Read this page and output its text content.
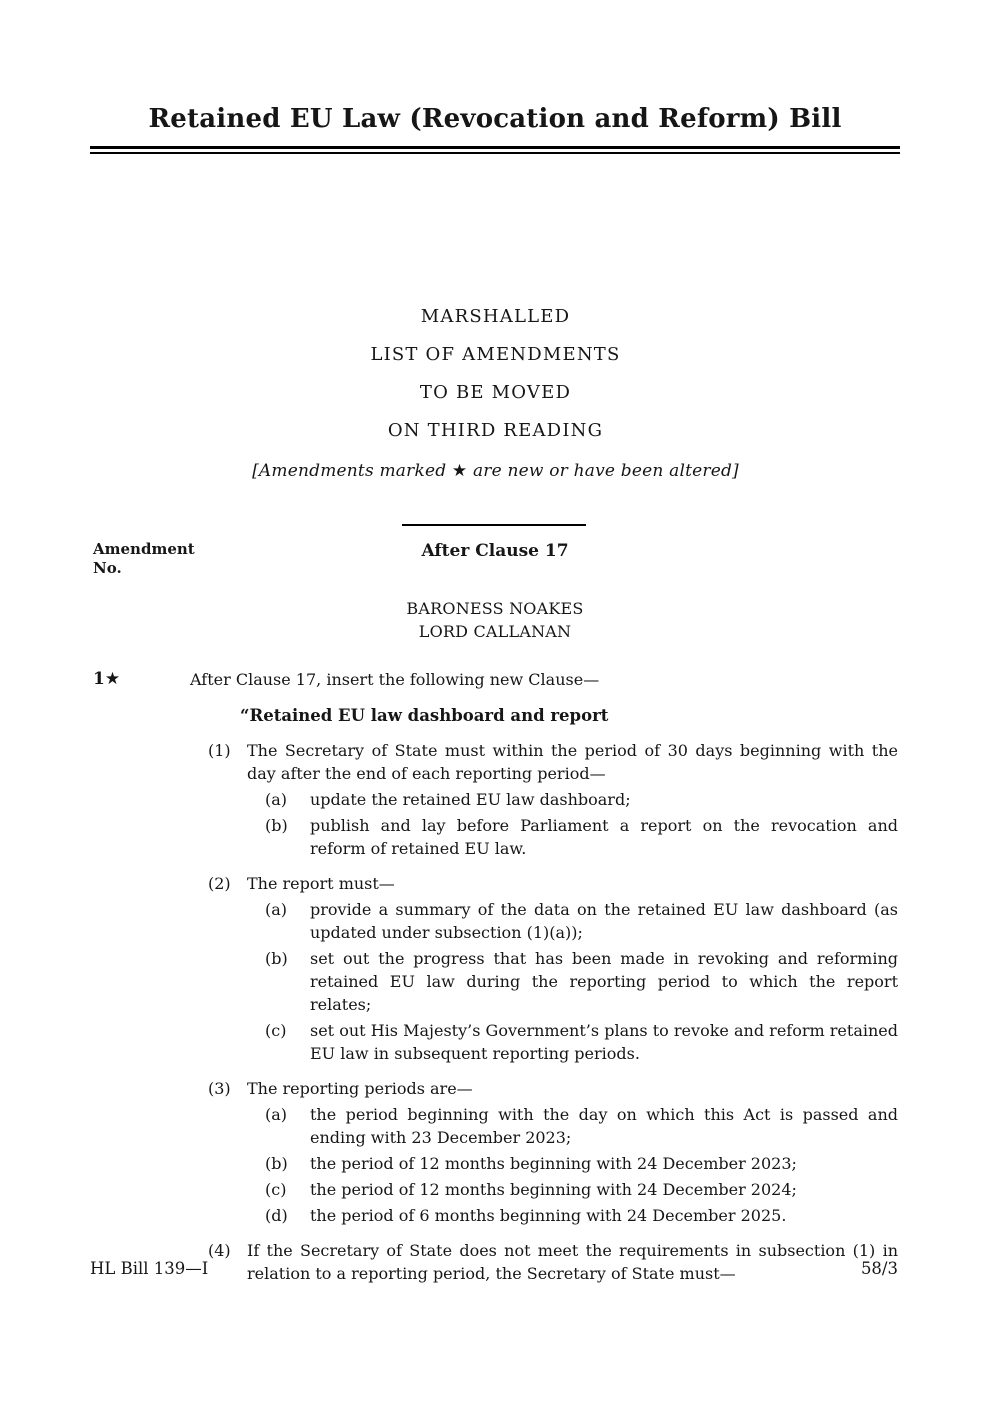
Retained EU Law (Revocation and Reform) Bill
MARSHALLED
LIST OF AMENDMENTS
TO BE MOVED
ON THIRD READING
[Amendments marked ★ are new or have been altered]
Amendment
No.
After Clause 17
BARONESS NOAKES
LORD CALLANAN
1★	After Clause 17, insert the following new Clause—
“Retained EU law dashboard and report
(1) The Secretary of State must within the period of 30 days beginning with the day after the end of each reporting period—
(a) update the retained EU law dashboard;
(b) publish and lay before Parliament a report on the revocation and reform of retained EU law.
(2) The report must—
(a) provide a summary of the data on the retained EU law dashboard (as updated under subsection (1)(a));
(b) set out the progress that has been made in revoking and reforming retained EU law during the reporting period to which the report relates;
(c) set out His Majesty’s Government’s plans to revoke and reform retained EU law in subsequent reporting periods.
(3) The reporting periods are—
(a) the period beginning with the day on which this Act is passed and ending with 23 December 2023;
(b) the period of 12 months beginning with 24 December 2023;
(c) the period of 12 months beginning with 24 December 2024;
(d) the period of 6 months beginning with 24 December 2025.
(4) If the Secretary of State does not meet the requirements in subsection (1) in relation to a reporting period, the Secretary of State must—
HL Bill 139—I	58/3
